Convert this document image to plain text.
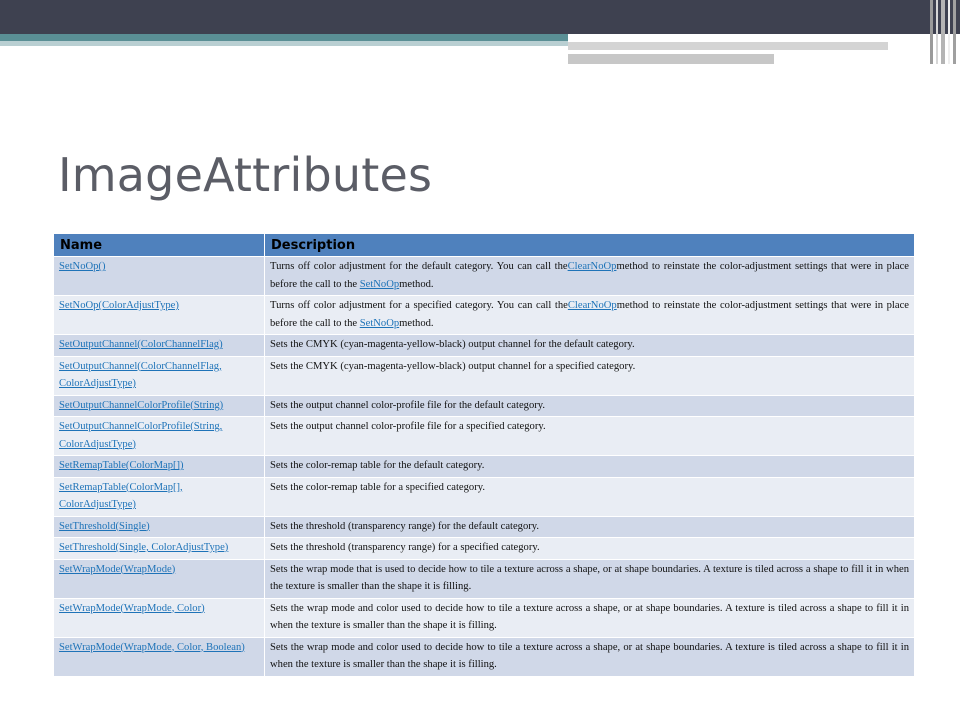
ImageAttributes
Name	Description
SetNoOp()	Turns off color adjustment for the default category. You can call theClearNoOpmethod to reinstate the color-adjustment settings that were in place before the call to the SetNoOpmethod.
SetNoOp(ColorAdjustType)	Turns off color adjustment for a specified category. You can call theClearNoOpmethod to reinstate the color-adjustment settings that were in place before the call to the SetNoOpmethod.
SetOutputChannel(ColorChannelFlag)	Sets the CMYK (cyan-magenta-yellow-black) output channel for the default category.
SetOutputChannel(ColorChannelFlag, ColorAdjustType)	Sets the CMYK (cyan-magenta-yellow-black) output channel for a specified category.
SetOutputChannelColorProfile(String)	Sets the output channel color-profile file for the default category.
SetOutputChannelColorProfile(String, ColorAdjustType)	Sets the output channel color-profile file for a specified category.
SetRemapTable(ColorMap[])	Sets the color-remap table for the default category.
SetRemapTable(ColorMap[], ColorAdjustType)	Sets the color-remap table for a specified category.
SetThreshold(Single)	Sets the threshold (transparency range) for the default category.
SetThreshold(Single, ColorAdjustType)	Sets the threshold (transparency range) for a specified category.
SetWrapMode(WrapMode)	Sets the wrap mode that is used to decide how to tile a texture across a shape, or at shape boundaries. A texture is tiled across a shape to fill it in when the texture is smaller than the shape it is filling.
SetWrapMode(WrapMode, Color)	Sets the wrap mode and color used to decide how to tile a texture across a shape, or at shape boundaries. A texture is tiled across a shape to fill it in when the texture is smaller than the shape it is filling.
SetWrapMode(WrapMode, Color, Boolean)	Sets the wrap mode and color used to decide how to tile a texture across a shape, or at shape boundaries. A texture is tiled across a shape to fill it in when the texture is smaller than the shape it is filling.
